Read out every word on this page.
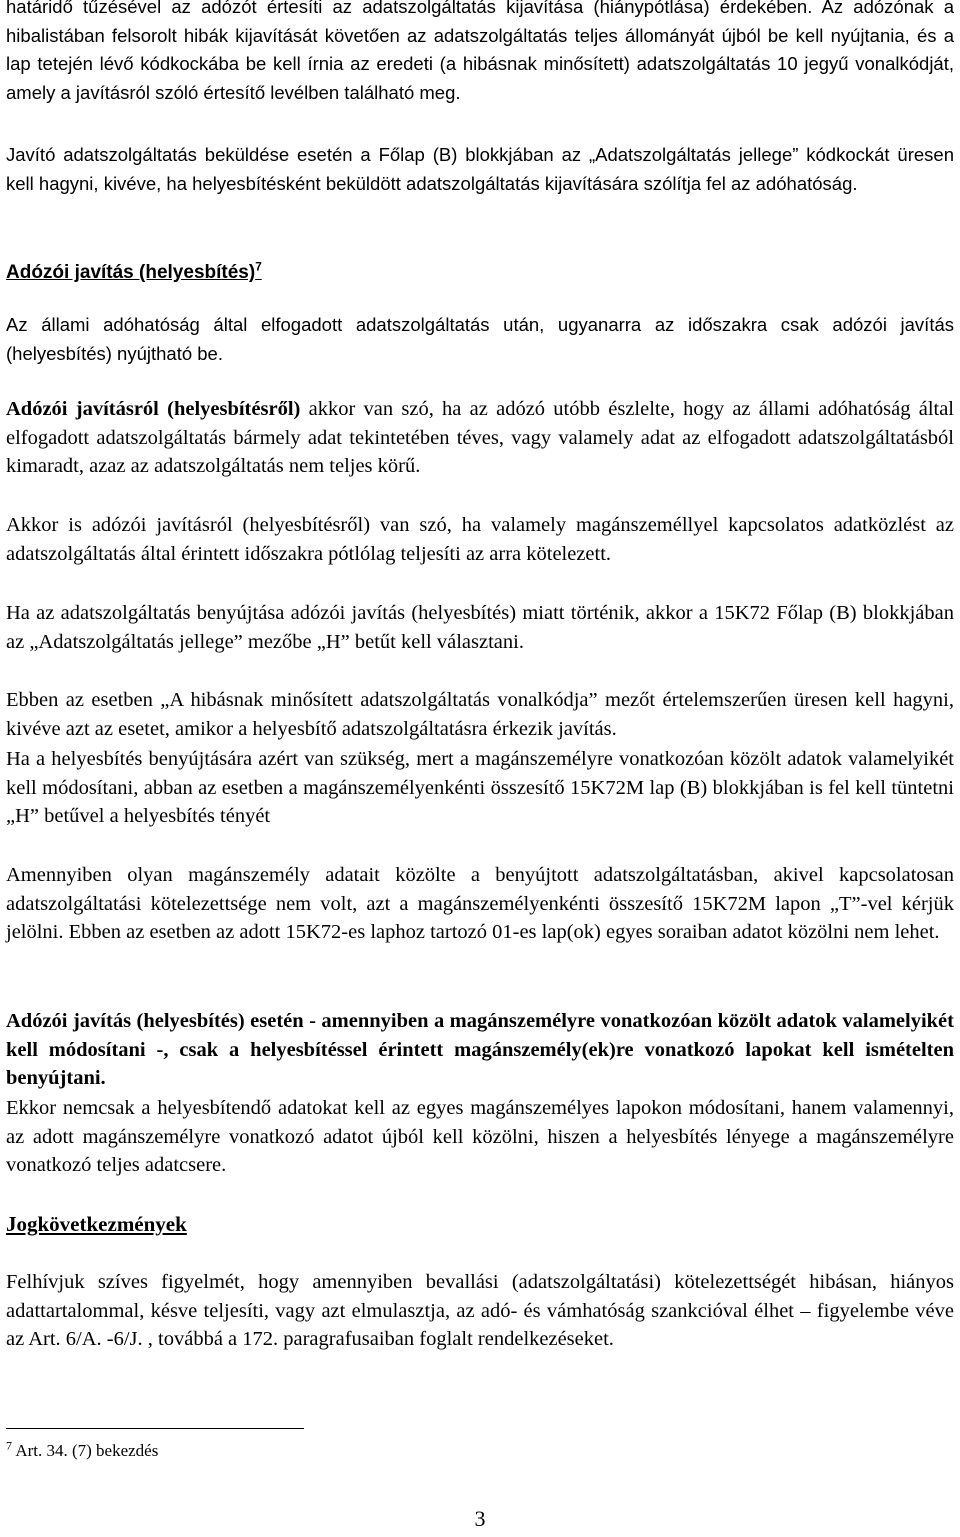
határidő tűzésével az adózót értesíti az adatszolgáltatás kijavítása (hiánypótlása) érdekében. Az adózónak a hibalistában felsorolt hibák kijavítását követően az adatszolgáltatás teljes állományát újból be kell nyújtania, és a lap tetején lévő kódkockába be kell írnia az eredeti (a hibásnak minősített) adatszolgáltatás 10 jegyű vonalkódját, amely a javításról szóló értesítő levélben található meg.

Javító adatszolgáltatás beküldése esetén a Főlap (B) blokkjában az „Adatszolgáltatás jellege” kódkockát üresen kell hagyni, kivéve, ha helyesbítésként beküldött adatszolgáltatás kijavítására szólítja fel az adóhatóság.

Adózói javítás (helyesbítés)$^7$

Az állami adóhatóság által elfogadott adatszolgáltatás után, ugyanarra az időszakra csak adózói javítás (helyesbítés) nyújtható be.

Adózói javításról (helyesbítésről) akkor van szó, ha az adózó utóbb észlelte, hogy az állami adóhatóság által elfogadott adatszolgáltatás bármely adat tekintetében téves, vagy valamely adat az elfogadott adatszolgáltatásból kimaradt, azaz az adatszolgáltatás nem teljes körű.

Akkor is adózói javításról (helyesbítésről) van szó, ha valamely magánszeméllyel kapcsolatos adatközlést az adatszolgáltatás által érintett időszakra pótlólag teljesíti az arra kötelezett.

Ha az adatszolgáltatás benyújtása adózói javítás (helyesbítés) miatt történik, akkor a 15K72 Főlap (B) blokkjában az „Adatszolgáltatás jellege” mezőbe „H” betűt kell választani.

Ebben az esetben „A hibásnak minősített adatszolgáltatás vonalkódja” mezőt értelemszerűen üresen kell hagyni, kivéve azt az esetet, amikor a helyesbítő adatszolgáltatásra érkezik javítás.

Ha a helyesbítés benyújtására azért van szükség, mert a magánszemélyre vonatkozóan közölt adatok valamelyikét kell módosítani, abban az esetben a magánszemélyenkénti összesítő 15K72M lap (B) blokkjában is fel kell tüntetni „H” betűvel a helyesbítés tényét

Amennyiben olyan magánszemély adatait közölte a benyújtott adatszolgáltatásban, akivel kapcsolatosan adatszolgáltatási kötelezettsége nem volt, azt a magánszemélyenkénti összesítő 15K72M lapon „T”-vel kérjük jelölni. Ebben az esetben az adott 15K72-es laphoz tartozó 01-es lap(ok) egyes soraiban adatot közölni nem lehet.

Adózói javítás (helyesbítés) esetén - amennyiben a magánszemélyre vonatkozóan közölt adatok valamelyikét kell módosítani -, csak a helyesbítéssel érintett magánszemély(ek)re vonatkozó lapokat kell ismételten benyújtani.

Ekkor nemcsak a helyesbítendő adatokat kell az egyes magánszemélyes lapokon módosítani, hanem valamennyi, az adott magánszemélyre vonatkozó adatot újból kell közölni, hiszen a helyesbítés lényege a magánszemélyre vonatkozó teljes adatcsere.

Jogkövetkezmények

Felhívjuk szíves figyelmét, hogy amennyiben bevallási (adatszolgáltatási) kötelezettségét hibásan, hiányos adattartalommal, késve teljesíti, vagy azt elmulasztja, az adó- és vámhatóság szankcióval élhet – figyelembe véve az Art. 6/A. -6/J. , továbbá a 172. paragrafusaiban foglalt rendelkezéseket.

$^7$ Art. 34. (7) bekezdés
3
